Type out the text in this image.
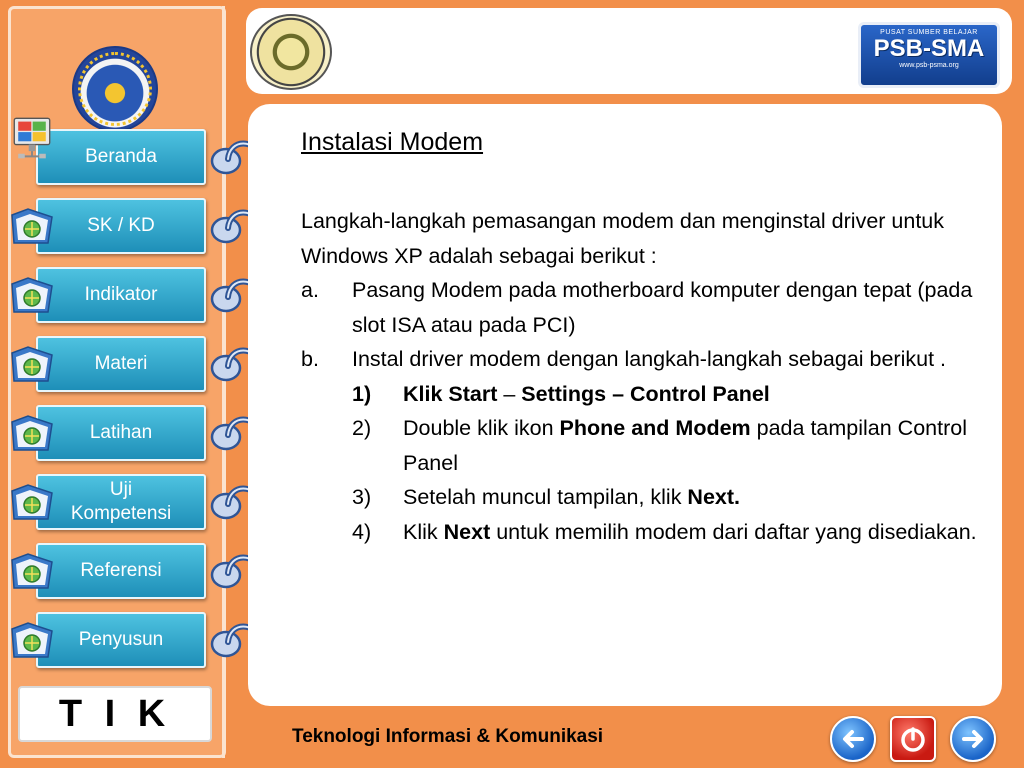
Beranda
SK / KD
Indikator
Materi
Latihan
Uji Kompetensi
Referensi
Penyusun
T I K
PUSAT SUMBER BELAJAR
PSB-SMA
www.psb-psma.org
Instalasi Modem
Langkah-langkah pemasangan modem dan menginstal driver untuk Windows XP adalah sebagai berikut :
a.	Pasang Modem pada motherboard komputer dengan tepat (pada slot ISA atau pada PCI)
b.	Instal driver modem dengan langkah-langkah sebagai berikut .
1)	Klik Start – Settings – Control Panel
2)	Double klik ikon Phone and Modem pada tampilan Control Panel
3)	Setelah muncul tampilan, klik Next.
4)	Klik Next untuk memilih modem dari daftar yang disediakan.
Teknologi Informasi & Komunikasi
